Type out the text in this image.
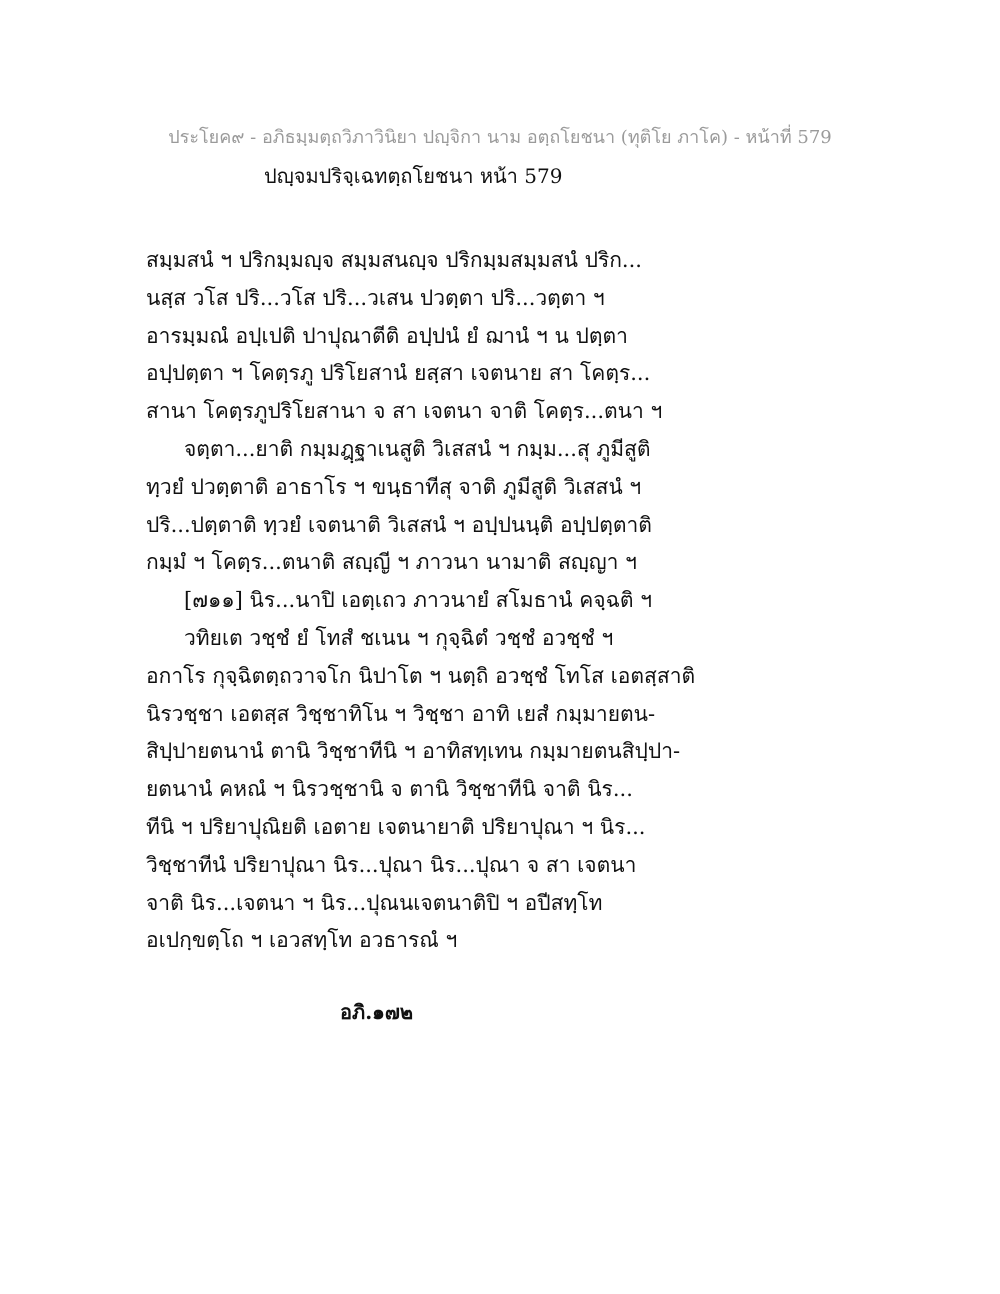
ประโยค๙ - อภิธมฺมตฺถวิภาวินิยา ปญฺจิกา นาม อตฺถโยชนา (ทุติโย ภาโค) - หน้าที่ 579
ปญฺจมปริจฺเฉทตฺถโยชนา หน้า 579
สมฺมสนํ ฯ ปริกมฺมญฺจ สมฺมสนญฺจ ปริกมฺมสมฺมสนํ ปริก...
นสฺส วโส ปริ...วโส ปริ...วเสน ปวตฺตา ปริ...วตฺตา ฯ
อารมฺมณํ อปฺเปติ ปาปุณาตีติ อปฺปนํ ยํ ฌานํ ฯ น ปตฺตา
อปฺปตฺตา ฯ โคตฺรภู ปริโยสานํ ยสฺสา เจตนาย สา โคตฺร...
สานา โคตฺรภูปริโยสานา จ สา เจตนา จาติ โคตฺร...ตนา ฯ
จตฺตา...ยาติ กมฺมฎฺฐาเนสูติ วิเสสนํ ฯ กมฺม...สุ ภูมีสูติ
ทฺวยํ ปวตฺตาติ อาธาโร ฯ ขนฺธาทีสุ จาติ ภูมีสูติ วิเสสนํ ฯ
ปริ...ปตฺตาติ ทฺวยํ เจตนาติ วิเสสนํ ฯ อปฺปนนฺติ อปฺปตฺตาติ
กมฺมํ ฯ โคตฺร...ตนาติ สญฺญี ฯ ภาวนา นามาติ สญฺญา ฯ
[๗๑๑] นิร...นาปิ เอตฺเถว ภาวนายํ สโมธานํ คจฺฉติ ฯ
วทิยเต วชฺชํ ยํ โทสํ ชเนน ฯ กุจฺฉิตํ วชฺชํ อวชฺชํ ฯ
อกาโร กุจฺฉิตตฺถวาจโก นิปาโต ฯ นตฺถิ อวชฺชํ โทโส เอตสฺสาติ
นิรวชฺชา เอตสฺส วิชฺชาทิโน ฯ วิชฺชา อาทิ เยสํ กมฺมายตน-
สิปฺปายตนานํ ตานิ วิชฺชาทีนิ ฯ อาทิสทฺเทน กมฺมายตนสิปฺปา-
ยตนานํ คหณํ ฯ นิรวชฺชานิ จ ตานิ วิชฺชาทีนิ จาติ นิร...
ทีนิ ฯ ปริยาปุณิยติ เอตาย เจตนายาติ ปริยาปุณา ฯ นิร...
วิชฺชาทีนํ ปริยาปุณา นิร...ปุณา นิร...ปุณา จ สา เจตนา
จาติ นิร...เจตนา ฯ นิร...ปุณนเจตนาติปิ ฯ อปีสทฺโท
อเปกฺขตฺโถ ฯ เอวสทฺโท อวธารณํ ฯ
อภิ.๑๗๒
